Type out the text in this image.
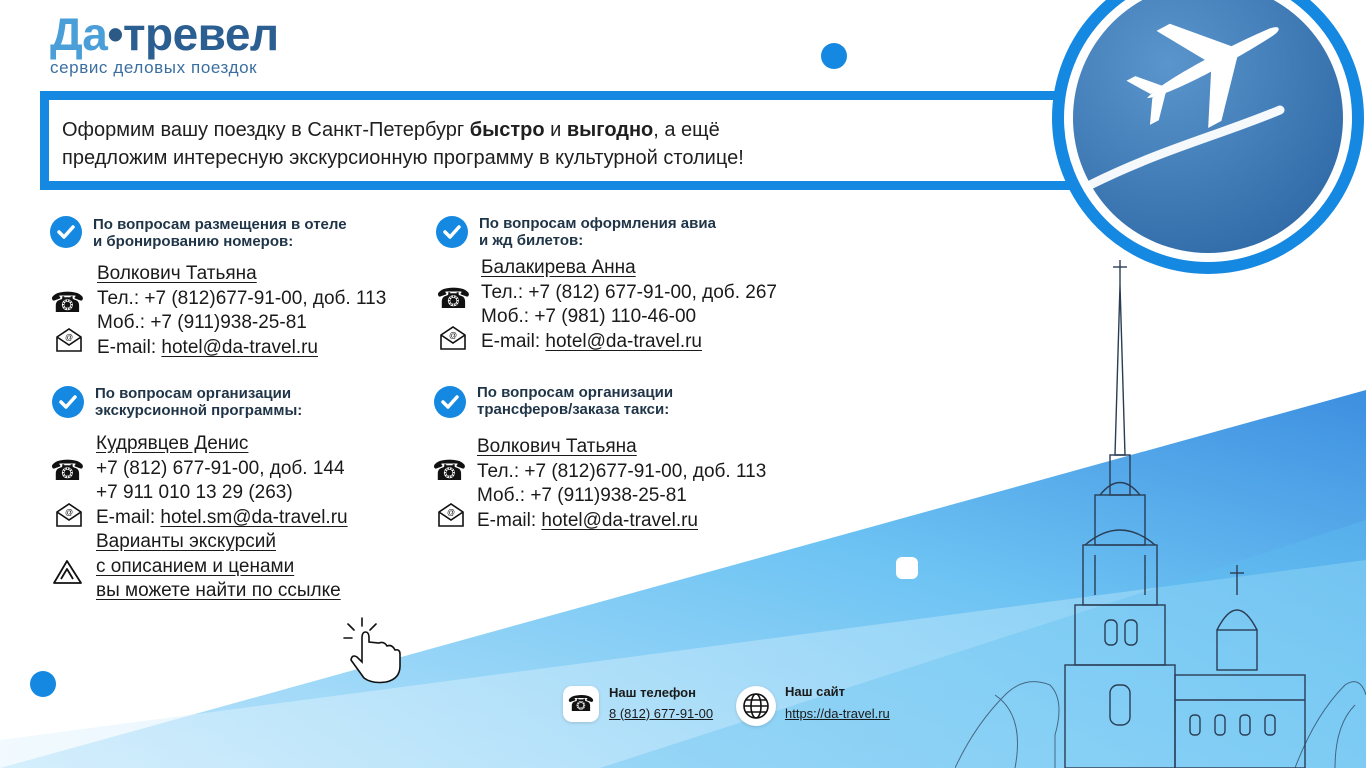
Да•тревел
сервис деловых поездок
Оформим вашу поездку в Санкт-Петербург быстро и выгодно, а ещё
предложим интересную экскурсионную программу в культурной столице!
По вопросам размещения в отеле
и бронированию номеров:
☎
@
Волкович Татьяна
Тел.: +7 (812)677-91-00, доб. 113
Моб.: +7 (911)938-25-81
E-mail: hotel@da-travel.ru
По вопросам оформления авиа
и жд билетов:
☎
@
Балакирева Анна
Тел.: +7 (812) 677-91-00, доб. 267
Моб.: +7 (981) 110-46-00
E-mail: hotel@da-travel.ru
По вопросам организации
экскурсионной программы:
☎
@
Кудрявцев Денис
+7 (812) 677-91-00, доб. 144
+7 911 010 13 29 (263)
E-mail: hotel.sm@da-travel.ru
Варианты экскурсий
с описанием и ценами
вы можете найти по ссылке
По вопросам организации
трансферов/заказа такси:
☎
@
Волкович Татьяна
Тел.: +7 (812)677-91-00, доб. 113
Моб.: +7 (911)938-25-81
E-mail: hotel@da-travel.ru
☎	Наш телефон
8 (812) 677-91-00
Наш сайт
https://da-travel.ru
